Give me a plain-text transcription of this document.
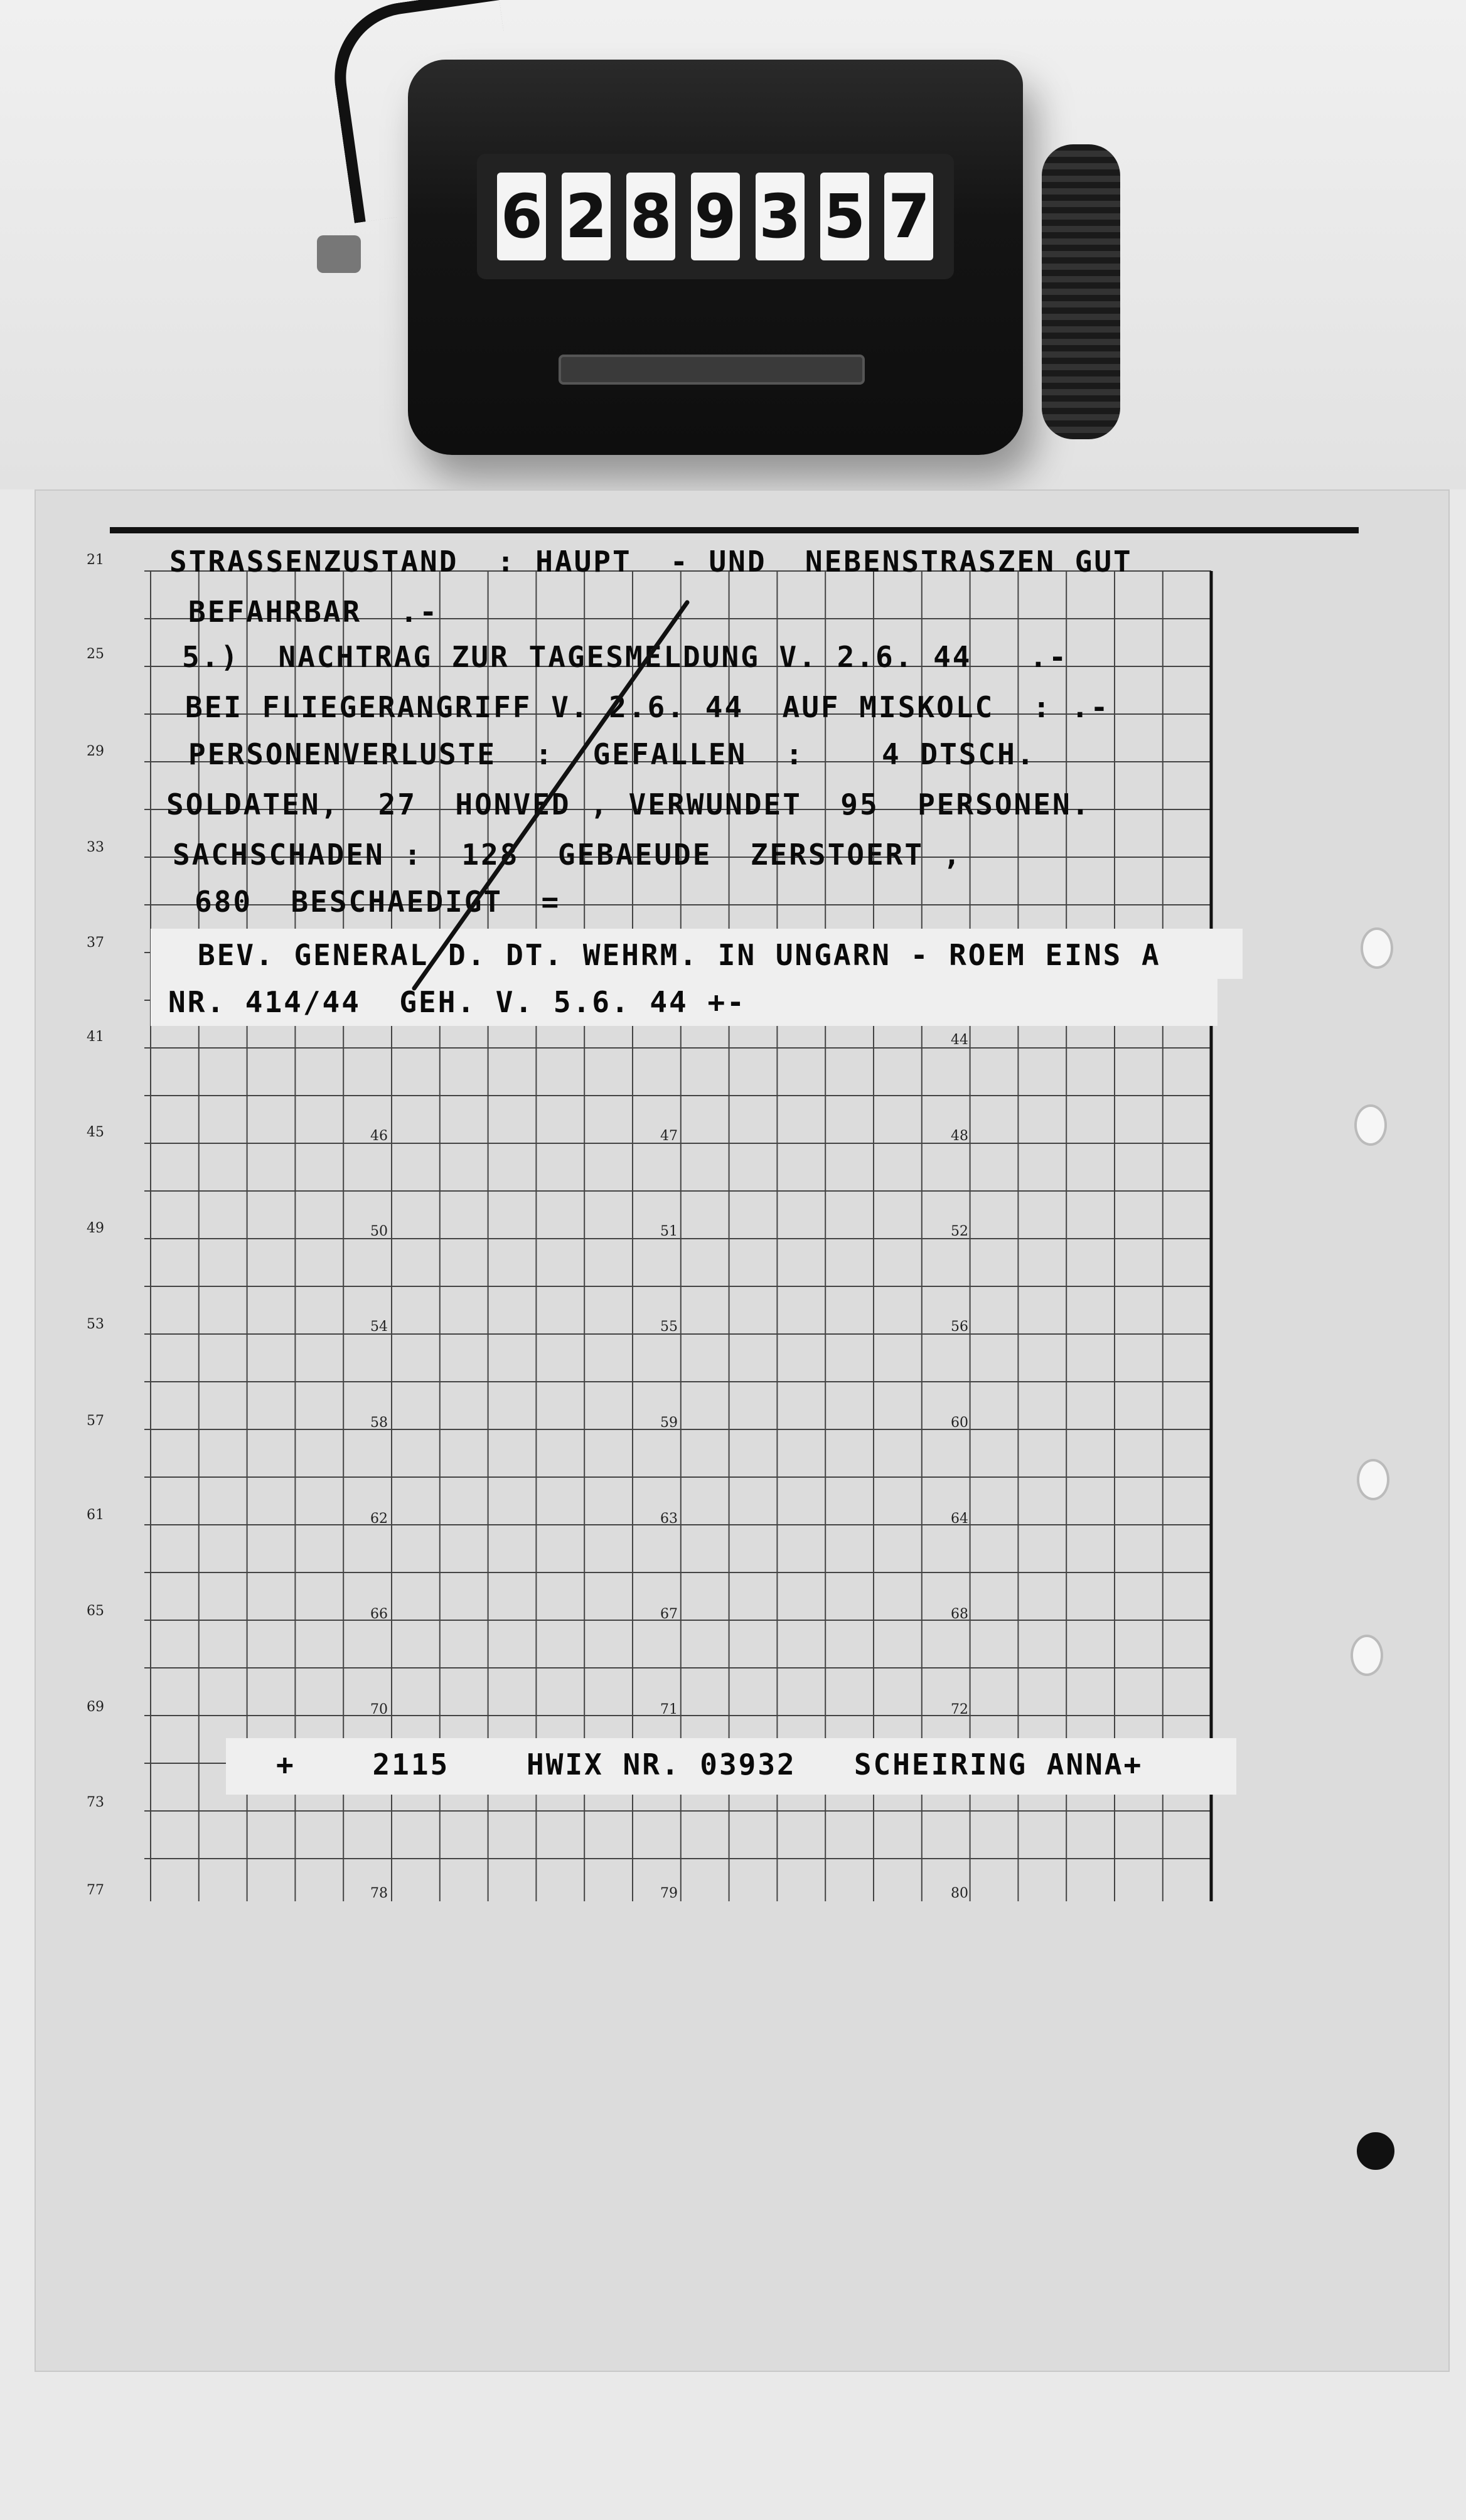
6 2 8 9 3 5 7
21
25
29
33
37
41
45
49
53
57
61
65
69
73
77
44
46	47	48
50	51	52
54	55	56
58	59	60
62	63	64
66	67	68
70	71	72
78	79	80
STRASSENZUSTAND  : HAUPT  - UND  NEBENSTRASZEN GUT
BEFAHRBAR  .-
5.)  NACHTRAG ZUR TAGESMELDUNG V. 2.6. 44   .-
BEI FLIEGERANGRIFF V. 2.6. 44  AUF MISKOLC  : .-
PERSONENVERLUSTE  :  GEFALLEN  :    4 DTSCH.
SOLDATEN,  27  HONVED , VERWUNDET  95  PERSONEN.
SACHSCHADEN :  128  GEBAEUDE  ZERSTOERT ,
680  BESCHAEDIGT  =
BEV. GENERAL D. DT. WEHRM. IN UNGARN - ROEM EINS A
NR. 414/44  GEH. V. 5.6. 44 +-
+    2115    HWIX NR. 03932   SCHEIRING ANNA+
